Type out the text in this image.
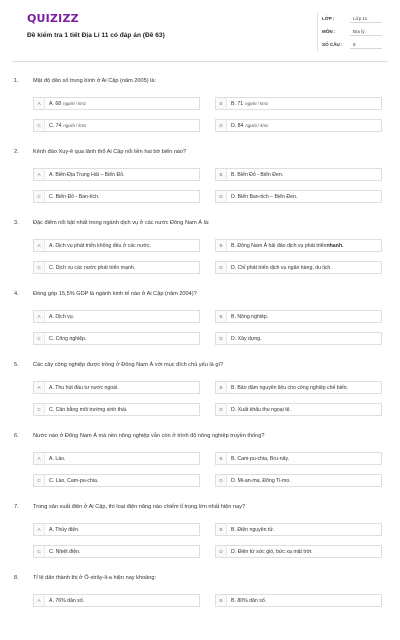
QUIZIZZ
Đề kiểm tra 1 tiết Địa Lí 11 có đáp án (Đề 63)
LỚP :	Lớp 11
MÔN :	Địa lý
SỐ CÂU :	8
1.	Mật độ dân số trung bình ở Ai Cập (năm 2005) là:
A	A. 68 người / km 2	B	B. 71 người / km 2
C	C. 74 người / km 2	D	D. 84 người / km 2
2.	Kênh đào Xuy-ê qua lãnh thổ Ai Cập nối liền hai bờ biển nào?
A	A. Biển Địa Trung Hải – Biển Đỏ.	B	B. Biển Đỏ - Biển Đen.
C	C. Biển Đỏ - Ban-tích.	D	D. Biển Ban-tích – Biển Đen.
3.	Đặc điểm nổi bật nhất trong ngành dịch vụ ở các nước Đông Nam Á là:
A	A. Dịch vụ phát triển không đều ở các nước.	B	B. Đông Nam Á hải đảo dịch vụ phát triển nhanh.
C	C. Dịch vụ các nước phát triển mạnh.	D	D. Chỉ phát triển dịch vụ ngân hàng, du lịch.
4.	Đóng góp 15,5% GDP là ngành kinh tế nào ở Ai Cập (năm 2004)?
A	A. Dịch vụ.	B	B. Nông nghiệp.
C	C. Công nghiệp.	D	D. Xây dựng.
5.	Các cây công nghiệp được trồng ở Đông Nam Á với mục đích chủ yếu là gì?
A	A. Thu hút đầu tư nước ngoài.	B	B. Bảo đảm nguyên liệu cho công nghiệp chế biến.
C	C. Cân bằng môi trường sinh thái.	D	D. Xuất khẩu thu ngoại tệ.
6.	Nước nào ở Đông Nam Á mà nền nông nghiệp vẫn còn ở trình độ nông nghiệp truyền thống?
A	A. Lào.	B	B. Cam-pu-chia, Bru-nây.
C	C. Lào, Cam-pu-chia.	D	D. Mi-an-ma, Đông Ti-mo.
7.	Trong sản xuất điện ở Ai Cập, thì loại điện năng nào chiếm tỉ trọng lớn nhất hiện nay?
A	A. Thủy điện.	B	B. Điện nguyên tử.
C	C. Nhiệt điện.	D	D. Điện từ sức gió, bức xạ mặt trời.
8.	Tỉ lệ dân thành thị ở Ô-xtrây-li-a hiện nay khoảng:
A	A. 76% dân số.	B	B. 80% dân số.
